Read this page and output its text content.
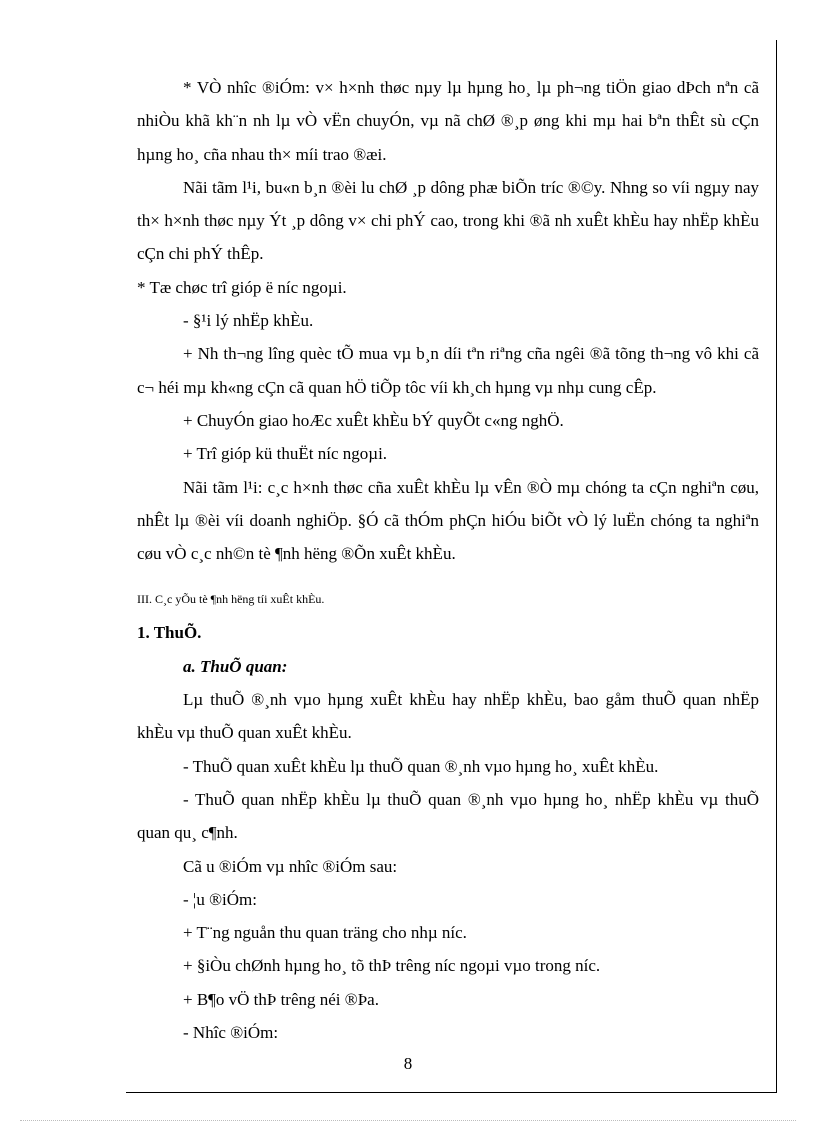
* VÒ nhîc ®iÓm: v× h×nh thøc nµy lµ hµng ho¸ lµ ph¬ng tiÖn giao dÞch nªn cã nhiÒu khã kh¨n nh lµ vÒ vËn chuyÓn, vµ nã chØ ®¸p øng khi mµ hai bªn thÊt sù cÇn hµng ho¸ cña nhau th× míi trao ®æi.

Nãi tãm l¹i, bu«n b¸n ®èi lu chØ ¸p dông phæ biÕn tríc ®©y. Nhng so víi ngµy nay th× h×nh thøc nµy Ýt ¸p dông v× chi phÝ cao, trong khi ®ã nh xuÊt khÈu hay nhËp khÈu cÇn chi phÝ thÊp.

* Tæ chøc trî gióp ë níc ngoµi.

- §¹i lý nhËp khÈu.

+ Nh th¬ng lîng quèc tÕ mua vµ b¸n díi tªn riªng cña ngêi ®ã tõng th¬ng vô khi cã c¬ héi mµ kh«ng cÇn cã quan hÖ tiÕp tôc víi kh¸ch hµng vµ nhµ cung cÊp.

+ ChuyÓn giao hoÆc xuÊt khÈu bÝ quyÕt c«ng nghÖ.

+ Trî gióp kü thuËt níc ngoµi.

Nãi tãm l¹i: c¸c h×nh thøc cña xuÊt khÈu lµ vÊn ®Ò mµ chóng ta cÇn nghiªn cøu, nhÊt lµ ®èi víi doanh nghiÖp. §Ó cã thÓm phÇn hiÓu biÕt vÒ lý luËn chóng ta nghiªn cøu vÒ c¸c nh©n tè ¶nh hëng ®Õn xuÊt khÈu.

III. C¸c yÕu tè ¶nh hëng tíi xuÊt khÈu.

1. ThuÕ.

a. ThuÕ quan:

Lµ thuÕ ®¸nh vµo hµng xuÊt khÈu hay nhËp khÈu, bao gåm thuÕ quan nhËp khÈu vµ thuÕ quan xuÊt khÈu.

- ThuÕ quan xuÊt khÈu lµ thuÕ quan ®¸nh vµo hµng ho¸ xuÊt khÈu.

- ThuÕ quan nhËp khÈu lµ thuÕ quan ®¸nh vµo hµng ho¸ nhËp khÈu vµ thuÕ quan qu¸ c¶nh.

Cã u ®iÓm vµ nhîc ®iÓm sau:

- ¦u ®iÓm:

+ T¨ng nguån thu quan träng cho nhµ níc.

+ §iÒu chØnh hµng ho¸ tõ thÞ trêng níc ngoµi vµo trong níc.

+ B¶o vÖ thÞ trêng néi ®Þa.

- Nhîc ®iÓm:

8
